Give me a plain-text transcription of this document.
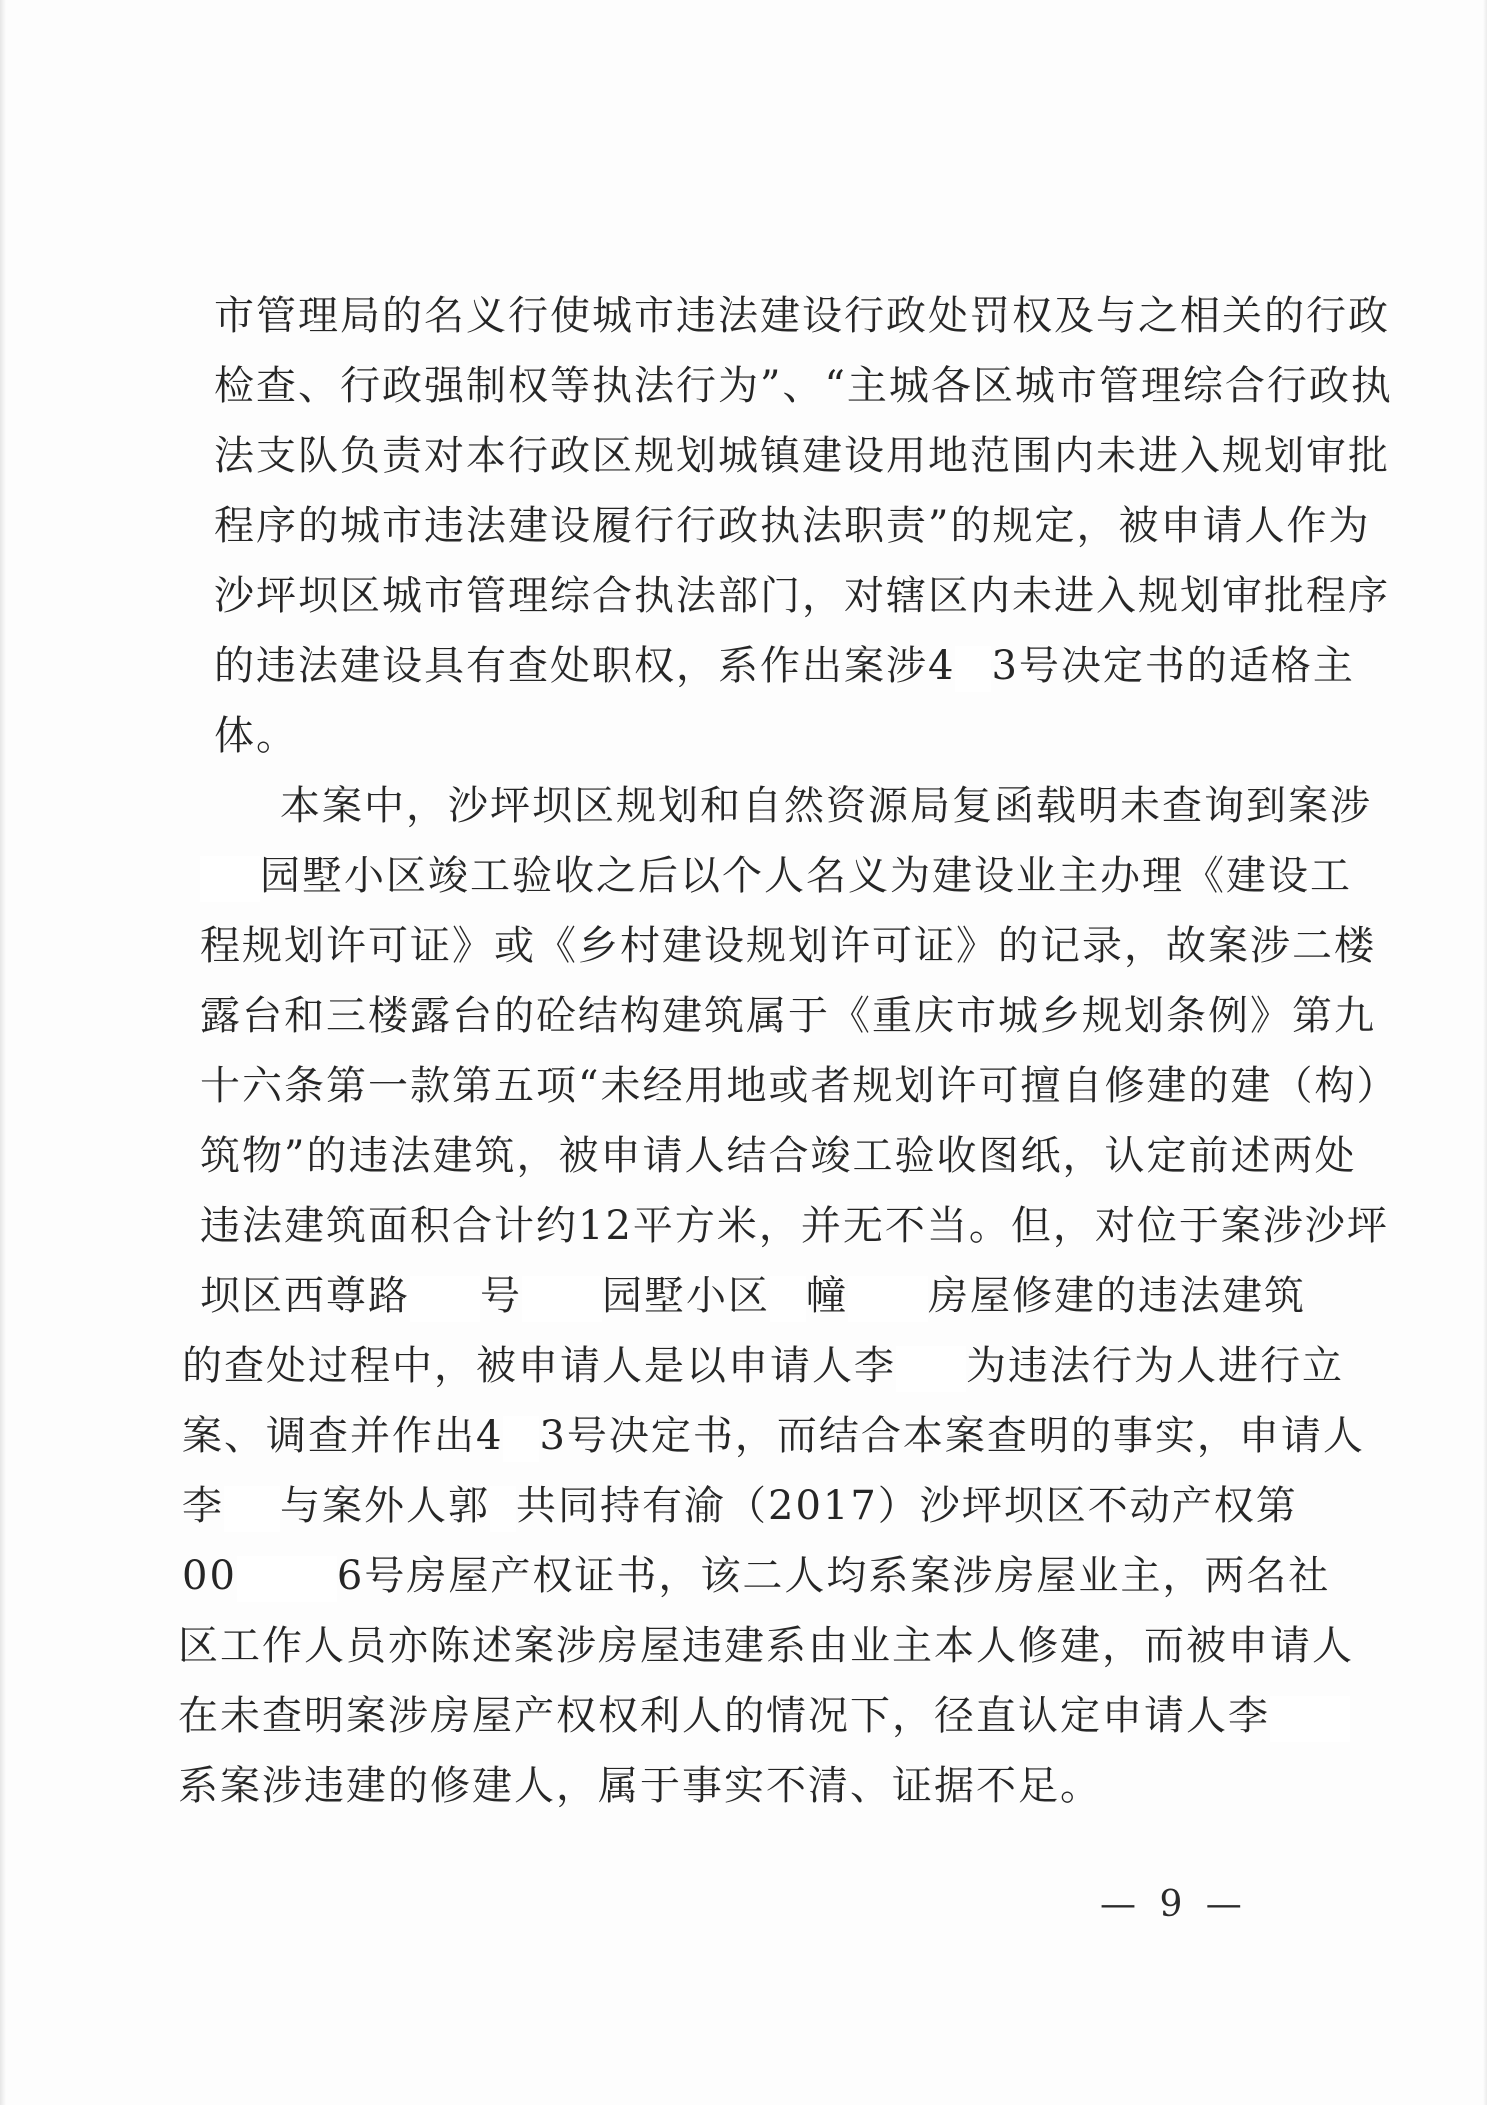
市管理局的名义行使城市违法建设行政处罚权及与之相关的行政
检查、行政强制权等执法行为”、“主城各区城市管理综合行政执
法支队负责对本行政区规划城镇建设用地范围内未进入规划审批
程序的城市违法建设履行行政执法职责”的规定，被申请人作为
沙坪坝区城市管理综合执法部门，对辖区内未进入规划审批程序
的违法建设具有查处职权，系作出案涉4 3号决定书的适格主
体。
本案中，沙坪坝区规划和自然资源局复函载明未查询到案涉
园墅小区竣工验收之后以个人名义为建设业主办理《建设工
程规划许可证》或《乡村建设规划许可证》的记录，故案涉二楼
露台和三楼露台的砼结构建筑属于《重庆市城乡规划条例》第九
十六条第一款第五项“未经用地或者规划许可擅自修建的建（构）
筑物”的违法建筑，被申请人结合竣工验收图纸，认定前述两处
违法建筑面积合计约12平方米，并无不当。但，对位于案涉沙坪
坝区西尊路 号 园墅小区 幢 房屋修建的违法建筑
的查处过程中，被申请人是以申请人李 为违法行为人进行立
案、调查并作出4 3号决定书，而结合本案查明的事实，申请人
李 与案外人郭 共同持有渝（2017）沙坪坝区不动产权第
00	6号房屋产权证书，该二人均系案涉房屋业主，两名社
区工作人员亦陈述案涉房屋违建系由业主本人修建，而被申请人
在未查明案涉房屋产权权利人的情况下，径直认定申请人李
系案涉违建的修建人，属于事实不清、证据不足。
— 9 —
